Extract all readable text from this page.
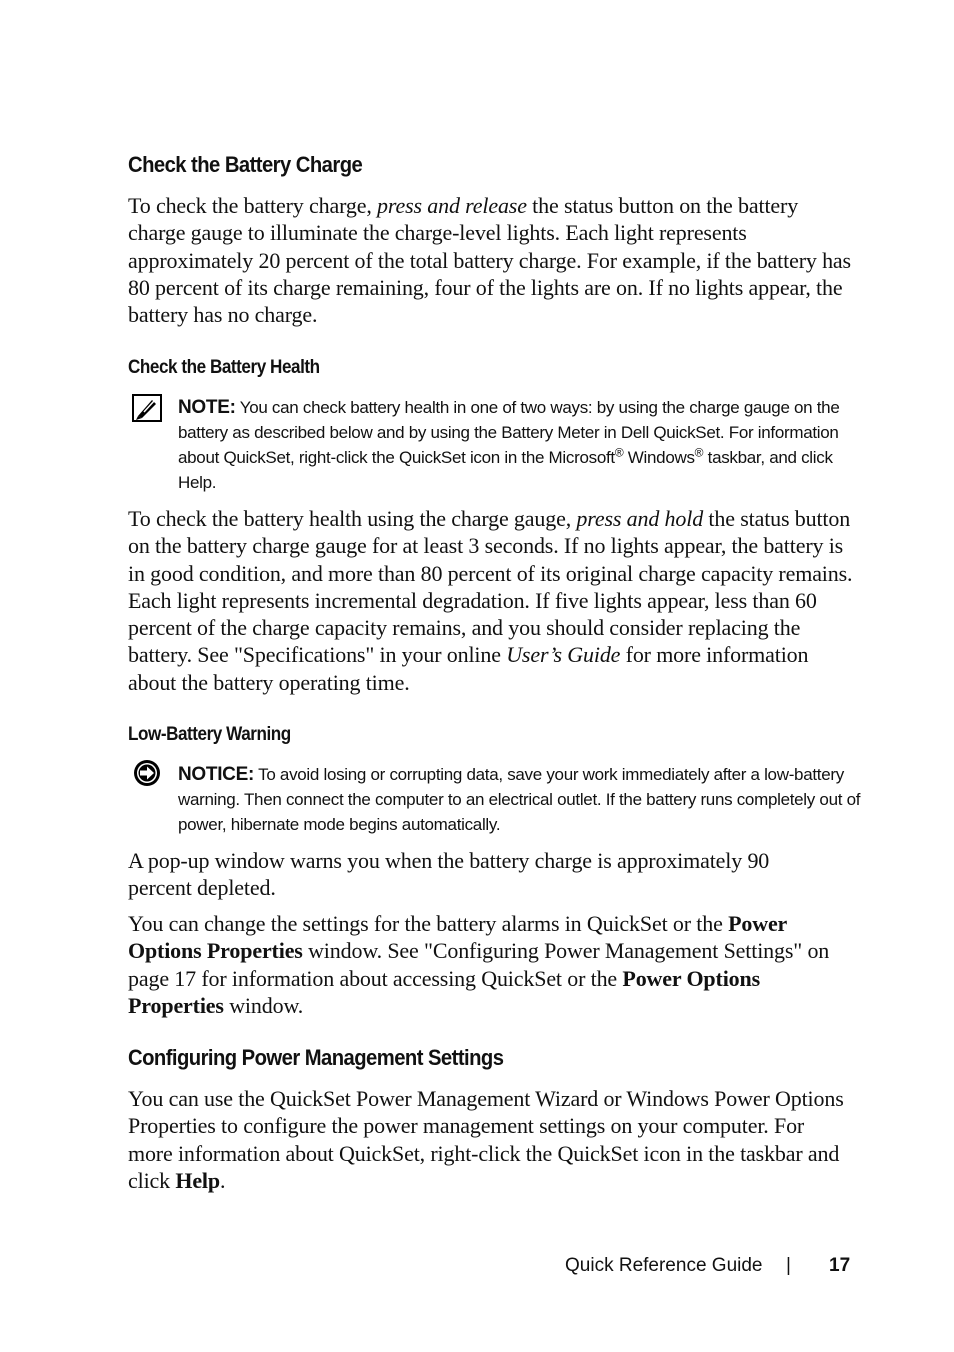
Check the Battery Charge

To check the battery charge, press and release the status button on the battery charge gauge to illuminate the charge-level lights. Each light represents approximately 20 percent of the total battery charge. For example, if the battery has 80 percent of its charge remaining, four of the lights are on. If no lights appear, the battery has no charge.

Check the Battery Health

NOTE: You can check battery health in one of two ways: by using the charge gauge on the battery as described below and by using the Battery Meter in Dell QuickSet. For information about QuickSet, right-click the QuickSet icon in the Microsoft® Windows® taskbar, and click Help.

To check the battery health using the charge gauge, press and hold the status button on the battery charge gauge for at least 3 seconds. If no lights appear, the battery is in good condition, and more than 80 percent of its original charge capacity remains. Each light represents incremental degradation. If five lights appear, less than 60 percent of the charge capacity remains, and you should consider replacing the battery. See "Specifications" in your online User’s Guide for more information about the battery operating time.

Low-Battery Warning

NOTICE: To avoid losing or corrupting data, save your work immediately after a low-battery warning. Then connect the computer to an electrical outlet. If the battery runs completely out of power, hibernate mode begins automatically.

A pop-up window warns you when the battery charge is approximately 90 percent depleted.

You can change the settings for the battery alarms in QuickSet or the Power Options Properties window. See "Configuring Power Management Settings" on page 17 for information about accessing QuickSet or the Power Options Properties window.

Configuring Power Management Settings

You can use the QuickSet Power Management Wizard or Windows Power Options Properties to configure the power management settings on your computer. For more information about QuickSet, right-click the QuickSet icon in the taskbar and click Help.

Quick Reference Guide | 17
